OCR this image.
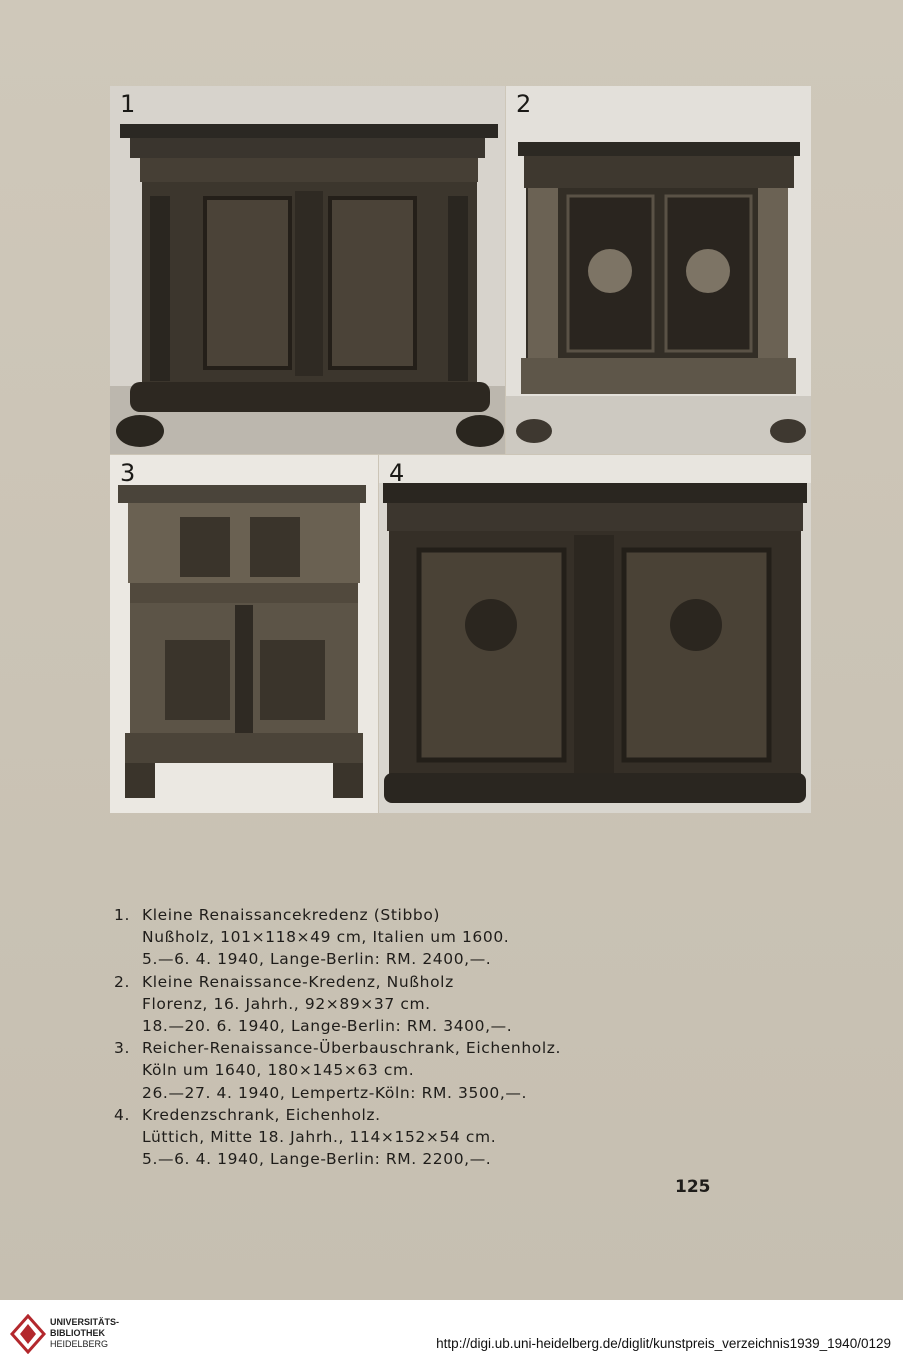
1	2
3	4
1. Kleine Renaissancekredenz (Stibbo)
Nußholz, 101×118×49 cm, Italien um 1600.
5.—6. 4. 1940, Lange-Berlin: RM. 2400,—.
2. Kleine Renaissance-Kredenz, Nußholz
Florenz, 16. Jahrh., 92×89×37 cm.
18.—20. 6. 1940, Lange-Berlin: RM. 3400,—.
3. Reicher-Renaissance-Überbauschrank, Eichenholz.
Köln um 1640, 180×145×63 cm.
26.—27. 4. 1940, Lempertz-Köln: RM. 3500,—.
4. Kredenzschrank, Eichenholz.
Lüttich, Mitte 18. Jahrh., 114×152×54 cm.
5.—6. 4. 1940, Lange-Berlin: RM. 2200,—.
125
UNIVERSITÄTS-
BIBLIOTHEK
HEIDELBERG	http://digi.ub.uni-heidelberg.de/diglit/kunstpreis_verzeichnis1939_1940/0129
